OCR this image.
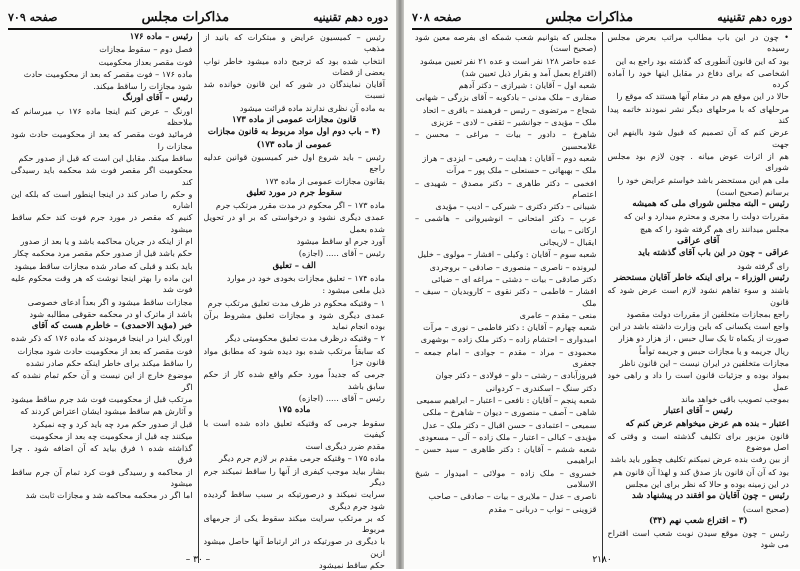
دوره دهم تقنینیه
مذاکرات مجلس
صفحه ۷۰۹

رئیس – کمیسیون عرایض و مبتکرات که بانید از مذهب

انتخاب شده بود که ترجیح داده میشود خاطر نواب بعضی از قضات

آقایان نمایندگان در شور که این قانون خوانده شد نسبت

به ماده آن نظری ندارند ماده قرائت میشود

قانون مجازات عمومی از ماده ۱۷۳

(۴ – باب دوم اول مواد مربوط به قانون مجازات

عمومی از ماده ۱۷۳)

رئیس – باید شروع اول خبر کمیسیون قوانین عدلیه راجع

بقانون مجازات عمومی از ماده ۱۷۳

سقوط جرم در مورد تعلیق

ماده ۱۷۳ – اگر محکوم در مدت مقرر مرتکب جرم

عمدی دیگری نشود و درخواستی که بر او در تحویل شده بعمل

آورد جرم او ساقط میشود

رئیس – آقای ..... (اجازه)

الف – تعلیق

ماده ۱۷۴ – تعلیق مجازات بخودی خود در موارد

ذیل ملغی میشود :

۱ – وقتیکه محکوم در ظرف مدت تعلیق مرتکب جرم

عمدی دیگری شود و مجازات تعلیق مشروط برآن بوده انجام نماید

۲ – وقتیکه درظرف مدت تعلیق محکومیتی دیگر

که سابقاً مرتکب شده بود دیده شود که مطابق مواد قانون جزا

جرمی که جدیداً مورد حکم واقع شده کار از حکم سابق باشد

رئیس – آقای ..... (اجازه)

ماده ۱۷۵

سقوط جرمی که وقتیکه تعلیق داده شده است با کیفیت

مقدم ضرر دیگری است

ماده ۱۷۵ – وقتیکه جرمی مقدم بر لازم جرم دیگر

بشار بیاید موجب کیفری از آنها را ساقط نمیکند جرم دیگر

سرایت نمیکند و درصورتیکه بر سبب ساقط گردیده شود جرم دیگری

که بر مرتکب سرایت میکند سقوط یکی از جرمهای مربوط

با دیگری در صورتیکه در اثر ارتباط آنها حاصل میشود ازین

حکم ساقط نمیشود

رئیس – ماده ۱۷۶

فصل دوم – سقوط مجازات

فوت مقصر بعداز محکومیت

ماده ۱۷۶ – فوت مقصر که بعد از محکومیت حادث

شود مجازات را ساقط میکند.

رئیس – آقای اورنگ

اورنگ – عرض کنم اینجا ماده ۱۷۶ ب میرسانم که ملاحظه

فرمائید فوت مقصر که بعد از محکومیت حادث شود مجازات را

ساقط میکند. مقابل این است که قبل از صدور حکم

محکومیت اگر مقصر فوت شد محکمه باید رسیدگی کند

و حکم را صادر کند در اینجا اینطور است که بلکه این اشاره

کنیم که مقصر در مورد جرم فوت کند حکم ساقط میشود

ام از اینکه در جریان محاکمه باشد و یا بعد از صدور

حکم باشد قبل از صدور حکم مقصر مرد محکمه چکار

باید بکند و قبلی که صادر شده مجازات ساقط میشود

این ماده را بهتر اینجا نوشت که هر وقت محکوم علیه فوت شد

مجازات ساقط میشود و اگر بعداً ادعای خصوصی

باشد از ماترک او در محکمه حقوقی مطالبه شود

خبر (مؤید الاحمدی) – خاطرم هست که آقای

اورنگ اینرا در اینجا فرمودند که ماده ۱۷۶ که ذکر شده

فوت مقصر که بعد از محکومیت حادث شود مجازات

را ساقط میکند برای خاطر اینکه حکم صادر نشده

موضوع خارج از این نیست و آن حکم تمام نشده که اگر

مرتکب قبل از محکومیت فوت شد جرم ساقط میشود

و آثارش هم ساقط میشود ایشان اعتراض کردند که

قبل از صدور حکم مرد چه باید کرد و چه نمیکرد

میکنند چه قبل از محکومیت چه بعد از محکومیت

گذاشته شده ۱ فرق بیاید که آن اضافه شود . چرا فرق

از محاکمه و رسیدگی فوت کرد تمام آن جرم ساقط میشود

اما اگر در محکمه محاکمه شد و مجازات ثابت شد

– ۳۰ –
دوره دهم تقنینیه
مذاکرات مجلس
صفحه ۷۰۸

• چون در این باب مطالب مراتب بعرض مجلس رسیده

بود که این قانون آنطوری که گذشته بود راجع به این

اشخاصی که برای دفاع در مقابل اینها خود را آماده کرده

حالا در این موقع هم در مقام آنها هستند که موقع را

مرحلهای که با مرحلهای دیگر نشر نمودند خاتمه پیدا کند

عرض کنم که آن تصمیم که قبول شود بااینهم این جهت

هم از اثرات عوض میانه . چون لازم بود مجلس شورای

ملی هم این مستحضر باشد خواستم عرایض خود را

برسانم (صحیح است)

رئیس – البته مجلس شورای ملی که همیشه

مقررات دولت را مجری و محترم میدارد و این که

مجلس میدانند رای هم گرفته شود را که هیچ

آقای عراقی

عراقی – چون در این باب آقای گذشته باید

رای گرفته شود

رئیس الوزراء – برای اینکه خاطر آقایان مستحضر

باشند و سوء تفاهم نشود لازم است عرض شود که قانون

راجع بمجازات متخلفین از مقررات دولت مقصود

واجع است یکسانی که باین وزارت داشته باشد در این

صورت از یکماه تا یک سال حبس ، از هزار دو هزار

ریال جریمه و یا مجازات حبس و جریمه توأماً

مجازات متخلفین در ایران نیست – این قانون ناظر

بمواد بوده و جزئیات قانون است را داد و راهی خود عمل

بموجب تصویب باقی خواهد ماند

رئیس – آقای اعتبار

اعتبار – بنده هم عرض میخواهم عرض کنم که

قانون مزبور برای تکلیف گذشته است و وقتی که اصل موضوع

از بین رفت بنده عرض نمیکنم تکلیف چطور باید باشد

بود که آن آن قانون باز صدق کند و لهذا آن قانون هم

در این زمینه بوده و حالا که نظر برای این مجلس

رئیس – چون آقایان مو افقند در پیشنهاد شد

(صحیح است)

(۳ – اقتراع شعب نهم (۳۴)

رئیس – چون موقع سیدن نوبت شعب است اقتراح می شود

مجلس که بتوانیم شعب شمکه ای بفرصه معین شود (صحیح است)

عده حاضر ۱۲۸ نفر است و عده ۲۱ نفر تعیین میشود

(اقتراع بعمل آمد و بقرار ذیل تعیین شد)

شعبه اول – آقایان : شیرازی – دکتر آدهم

صفاری – ملک مدنی – بادکوبه – آقای بزرگی – شهابی

شجاع – مرتضوی – رئیس – فرهمند – باقری – اتحاد

ملک – مؤیدی – جوانشیر – ثقفی – لادی – عزیزی

شاهرخ – دادور – بیات – مراغی – محسن – غلامحسین

شعبه دوم – آقایان : هدایت – رفیعی – ایزدی – هراز

ملک – بهبهانی – حسنعلی – ملک پور – مرآت

افخمی – دکتر طاهری – دکتر مصدق – شهیدی – اعتصام

شیبانی – دکتر دکتری – شیرکی – ادیب – مؤیدی

عرب – دکتر امتحانی – انوشیروانی – هاشمی – ارکانی – بیات

ایقبال – لاریجانی

شعبه سوم – آقایان : وکیلی – افشار – مولوی – خلیل

لیرونده – ناصری – منصوری – صادقی – بروجردی

دکتر صادقی – بیات – دشتی – مراغه ای – ضیائی

افشار – فاطمی – دکتر نقوی – کاروبدیان – سیف – ملک

منعی – مقدم – عامری

شعبه چهارم – آقایان : دکتر فاطمی – نوری – مرآت

امیدواری – احتشام زاده – دکتر ملک زاده – بوشهری

محمودی – مراد – مقدم – جوادی – امام جمعه – جعفری

فیروزآبادی – رشتی – دلو – فولادی – دکتر جوان

دکتر سنگ – اسکندری – کردوانی

شعبه پنجم – آقایان : نافعی – اعتبار – ابراهیم سمیعی

شاهی – آصف – منصوری – دیوان – شاهرخ – ملکی

سمیعی – اعتمادی – حسن اقبال – دکتر ملک – عدل

مؤیدی – کبالی – اعتبار – ملک زاده – آلی – مسعودی

شعبه ششم – آقایان : دکتر طاهری – سید حسن – ابراهیمی

خسروی – ملک زاده – مولائی – امیدوار – شیخ الاسلامی

ناصری – عدل – ملایری – بیات – صادقی – صاحب

قزوینی – نواب – دربانی – مقدم

۲۱۸۰
